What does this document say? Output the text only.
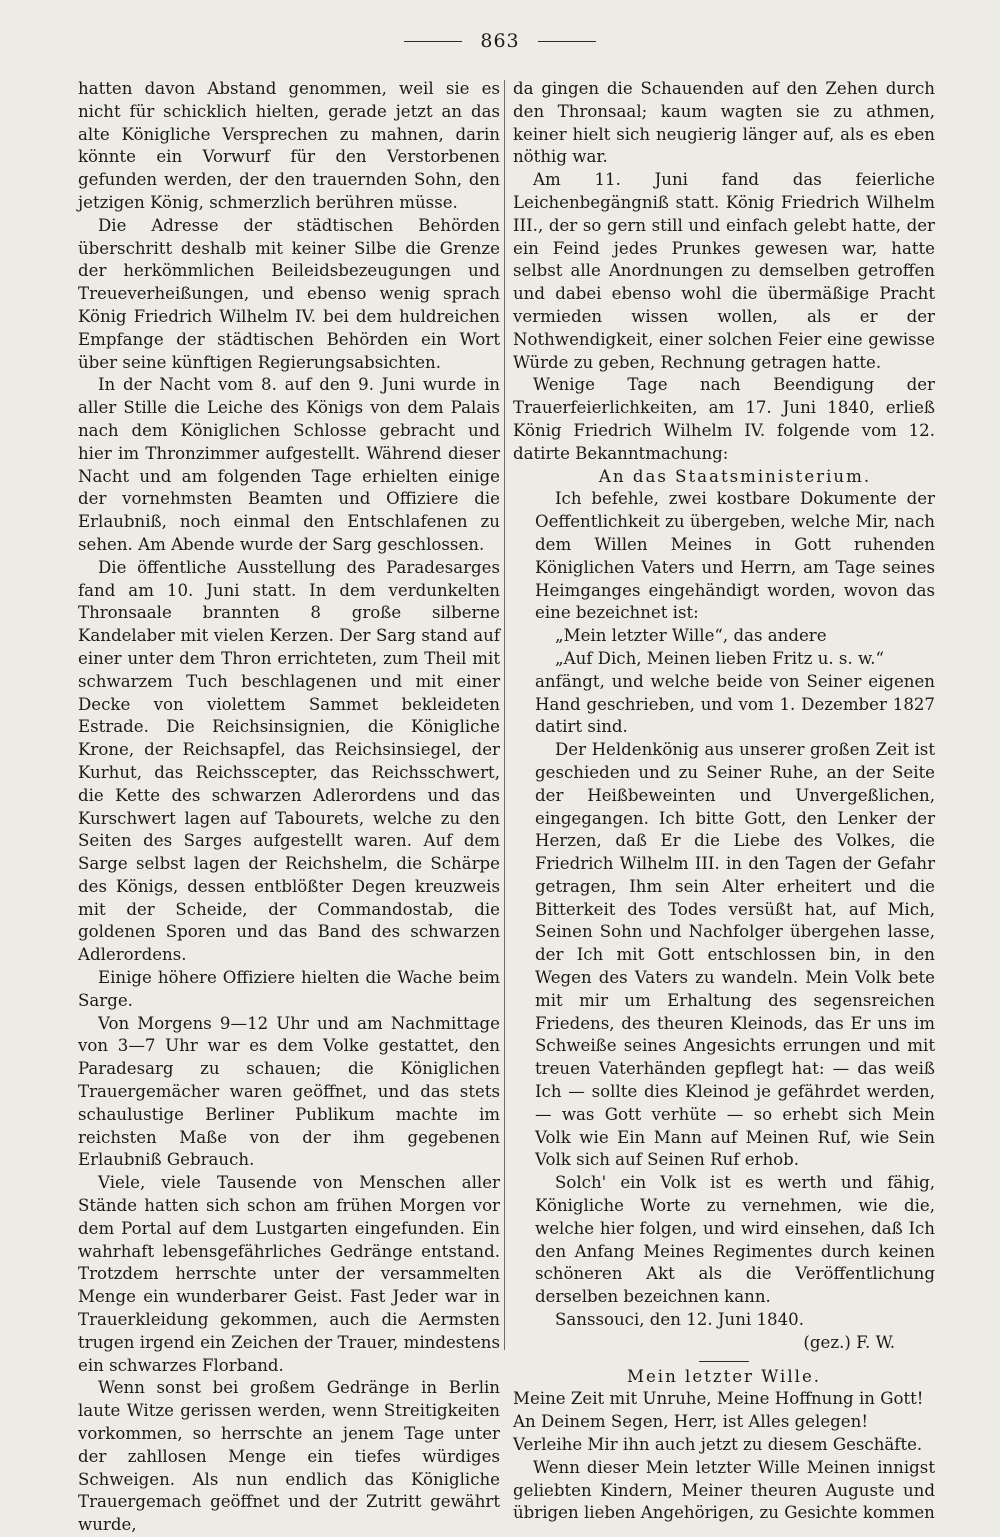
863

hatten davon Abstand genommen, weil sie es nicht für schicklich hielten, gerade jetzt an das alte Königliche Versprechen zu mahnen, darin könnte ein Vorwurf für den Verstorbenen gefunden werden, der den trauernden Sohn, den jetzigen König, schmerzlich berühren müsse.

Die Adresse der städtischen Behörden überschritt deshalb mit keiner Silbe die Grenze der herkömmlichen Beileidsbezeugungen und Treueverheißungen, und ebenso wenig sprach König Friedrich Wilhelm IV. bei dem huldreichen Empfange der städtischen Behörden ein Wort über seine künftigen Regierungsabsichten.

In der Nacht vom 8. auf den 9. Juni wurde in aller Stille die Leiche des Königs von dem Palais nach dem Königlichen Schlosse gebracht und hier im Thronzimmer aufgestellt. Während dieser Nacht und am folgenden Tage erhielten einige der vornehmsten Beamten und Offiziere die Erlaubniß, noch einmal den Entschlafenen zu sehen. Am Abende wurde der Sarg geschlossen.

Die öffentliche Ausstellung des Paradesarges fand am 10. Juni statt. In dem verdunkelten Thronsaale brannten 8 große silberne Kandelaber mit vielen Kerzen. Der Sarg stand auf einer unter dem Thron errichteten, zum Theil mit schwarzem Tuch beschlagenen und mit einer Decke von violettem Sammet bekleideten Estrade. Die Reichsinsignien, die Königliche Krone, der Reichsapfel, das Reichsinsiegel, der Kurhut, das Reichsscepter, das Reichsschwert, die Kette des schwarzen Adlerordens und das Kurschwert lagen auf Tabourets, welche zu den Seiten des Sarges aufgestellt waren. Auf dem Sarge selbst lagen der Reichshelm, die Schärpe des Königs, dessen entblößter Degen kreuzweis mit der Scheide, der Commandostab, die goldenen Sporen und das Band des schwarzen Adlerordens.

Einige höhere Offiziere hielten die Wache beim Sarge.

Von Morgens 9—12 Uhr und am Nachmittage von 3—7 Uhr war es dem Volke gestattet, den Paradesarg zu schauen; die Königlichen Trauergemächer waren geöffnet, und das stets schaulustige Berliner Publikum machte im reichsten Maße von der ihm gegebenen Erlaubniß Gebrauch.

Viele, viele Tausende von Menschen aller Stände hatten sich schon am frühen Morgen vor dem Portal auf dem Lustgarten eingefunden. Ein wahrhaft lebensgefährliches Gedränge entstand. Trotzdem herrschte unter der versammelten Menge ein wunderbarer Geist. Fast Jeder war in Trauerkleidung gekommen, auch die Aermsten trugen irgend ein Zeichen der Trauer, mindestens ein schwarzes Florband.

Wenn sonst bei großem Gedränge in Berlin laute Witze gerissen werden, wenn Streitigkeiten vorkommen, so herrschte an jenem Tage unter der zahllosen Menge ein tiefes würdiges Schweigen. Als nun endlich das Königliche Trauergemach geöffnet und der Zutritt gewährt wurde,

da gingen die Schauenden auf den Zehen durch den Thronsaal; kaum wagten sie zu athmen, keiner hielt sich neugierig länger auf, als es eben nöthig war.

Am 11. Juni fand das feierliche Leichenbegängniß statt. König Friedrich Wilhelm III., der so gern still und einfach gelebt hatte, der ein Feind jedes Prunkes gewesen war, hatte selbst alle Anordnungen zu demselben getroffen und dabei ebenso wohl die übermäßige Pracht vermieden wissen wollen, als er der Nothwendigkeit, einer solchen Feier eine gewisse Würde zu geben, Rechnung getragen hatte.

Wenige Tage nach Beendigung der Trauerfeierlichkeiten, am 17. Juni 1840, erließ König Friedrich Wilhelm IV. folgende vom 12. datirte Bekanntmachung:

An das Staatsministerium.

Ich befehle, zwei kostbare Dokumente der Oeffentlichkeit zu übergeben, welche Mir, nach dem Willen Meines in Gott ruhenden Königlichen Vaters und Herrn, am Tage seines Heimganges eingehändigt worden, wovon das eine bezeichnet ist:

„Mein letzter Wille“, das andere

„Auf Dich, Meinen lieben Fritz u. s. w.“

anfängt, und welche beide von Seiner eigenen Hand geschrieben, und vom 1. Dezember 1827 datirt sind.

Der Heldenkönig aus unserer großen Zeit ist geschieden und zu Seiner Ruhe, an der Seite der Heißbeweinten und Unvergeßlichen, eingegangen. Ich bitte Gott, den Lenker der Herzen, daß Er die Liebe des Volkes, die Friedrich Wilhelm III. in den Tagen der Gefahr getragen, Ihm sein Alter erheitert und die Bitterkeit des Todes versüßt hat, auf Mich, Seinen Sohn und Nachfolger übergehen lasse, der Ich mit Gott entschlossen bin, in den Wegen des Vaters zu wandeln. Mein Volk bete mit mir um Erhaltung des segensreichen Friedens, des theuren Kleinods, das Er uns im Schweiße seines Angesichts errungen und mit treuen Vaterhänden gepflegt hat: — das weiß Ich — sollte dies Kleinod je gefährdet werden, — was Gott verhüte — so erhebt sich Mein Volk wie Ein Mann auf Meinen Ruf, wie Sein Volk sich auf Seinen Ruf erhob.

Solch' ein Volk ist es werth und fähig, Königliche Worte zu vernehmen, wie die, welche hier folgen, und wird einsehen, daß Ich den Anfang Meines Regimentes durch keinen schöneren Akt als die Veröffentlichung derselben bezeichnen kann.

Sanssouci, den 12. Juni 1840.

(gez.) F. W.

Mein letzter Wille.

Meine Zeit mit Unruhe, Meine Hoffnung in Gott!

An Deinem Segen, Herr, ist Alles gelegen!

Verleihe Mir ihn auch jetzt zu diesem Geschäfte.

Wenn dieser Mein letzter Wille Meinen innigst geliebten Kindern, Meiner theuren Auguste und übrigen lieben Angehörigen, zu Gesichte kommen
